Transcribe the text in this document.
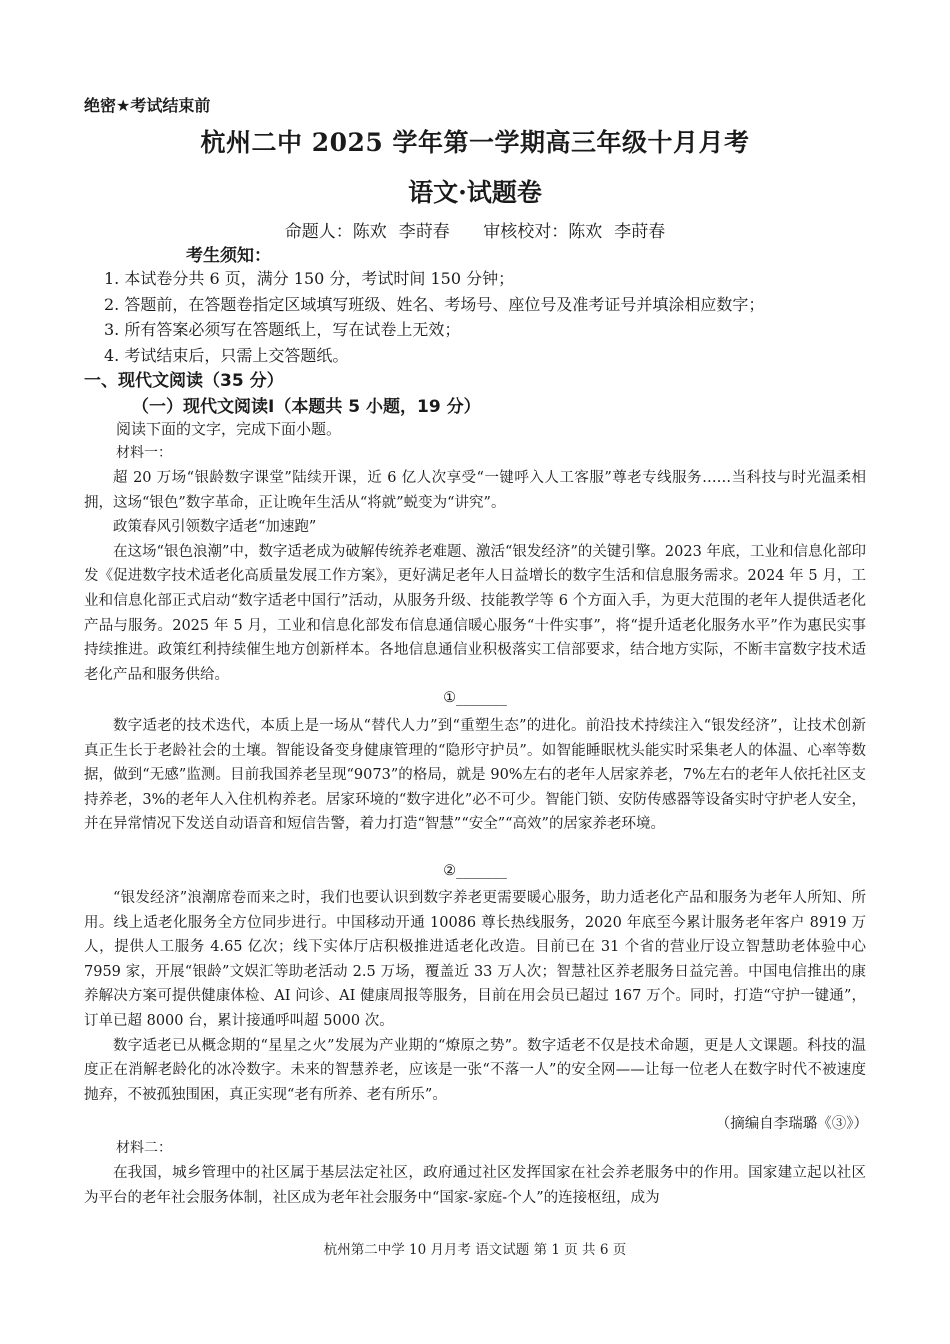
绝密★考试结束前
杭州二中 2025 学年第一学期高三年级十月月考
语文·试题卷
命题人：陈欢 李莳春 审核校对：陈欢 李莳春
考生须知：
1. 本试卷分共 6 页，满分 150 分，考试时间 150 分钟；
2. 答题前，在答题卷指定区域填写班级、姓名、考场号、座位号及准考证号并填涂相应数字；
3. 所有答案必须写在答题纸上，写在试卷上无效；
4. 考试结束后，只需上交答题纸。
一、现代文阅读（35 分）
（一）现代文阅读Ⅰ（本题共 5 小题，19 分）
阅读下面的文字，完成下面小题。
材料一：

超 20 万场“银龄数字课堂”陆续开课，近 6 亿人次享受“一键呼入人工客服”尊老专线服务……当科技与时光温柔相拥，这场“银色”数字革命，正让晚年生活从“将就”蜕变为“讲究”。

政策春风引领数字适老“加速跑”

在这场“银色浪潮”中，数字适老成为破解传统养老难题、激活“银发经济”的关键引擎。2023 年底，工业和信息化部印发《促进数字技术适老化高质量发展工作方案》，更好满足老年人日益增长的数字生活和信息服务需求。2024 年 5 月，工业和信息化部正式启动“数字适老中国行”活动，从服务升级、技能教学等 6 个方面入手，为更大范围的老年人提供适老化产品与服务。2025 年 5 月，工业和信息化部发布信息通信暖心服务“十件实事”，将“提升适老化服务水平”作为惠民实事持续推进。政策红利持续催生地方创新样本。各地信息通信业积极落实工信部要求，结合地方实际，不断丰富数字技术适老化产品和服务供给。

①_______

数字适老的技术迭代，本质上是一场从“替代人力”到“重塑生态”的进化。前沿技术持续注入“银发经济”，让技术创新真正生长于老龄社会的土壤。智能设备变身健康管理的“隐形守护员”。如智能睡眠枕头能实时采集老人的体温、心率等数据，做到“无感”监测。目前我国养老呈现“9073”的格局，就是 90%左右的老年人居家养老，7%左右的老年人依托社区支持养老，3%的老年人入住机构养老。居家环境的“数字进化”必不可少。智能门锁、安防传感器等设备实时守护老人安全，并在异常情况下发送自动语音和短信告警，着力打造“智慧”“安全”“高效”的居家养老环境。

②_______

“银发经济”浪潮席卷而来之时，我们也要认识到数字养老更需要暖心服务，助力适老化产品和服务为老年人所知、所用。线上适老化服务全方位同步进行。中国移动开通 10086 尊长热线服务，2020 年底至今累计服务老年客户 8919 万人，提供人工服务 4.65 亿次；线下实体厅店积极推进适老化改造。目前已在 31 个省的营业厅设立智慧助老体验中心 7959 家，开展“银龄”文娱汇等助老活动 2.5 万场，覆盖近 33 万人次；智慧社区养老服务日益完善。中国电信推出的康养解决方案可提供健康体检、AI 问诊、AI 健康周报等服务，目前在用会员已超过 167 万个。同时，打造“守护一键通”，订单已超 8000 台，累计接通呼叫超 5000 次。

数字适老已从概念期的“星星之火”发展为产业期的“燎原之势”。数字适老不仅是技术命题，更是人文课题。科技的温度正在消解老龄化的冰冷数字。未来的智慧养老，应该是一张“不落一人”的安全网——让每一位老人在数字时代不被速度抛弃，不被孤独围困，真正实现“老有所养、老有所乐”。

（摘编自李瑞璐《③》）
材料二：

在我国，城乡管理中的社区属于基层法定社区，政府通过社区发挥国家在社会养老服务中的作用。国家建立起以社区为平台的老年社会服务体制，社区成为老年社会服务中“国家-家庭-个人”的连接枢纽，成为

杭州第二中学 10 月月考 语文试题 第 1 页 共 6 页
